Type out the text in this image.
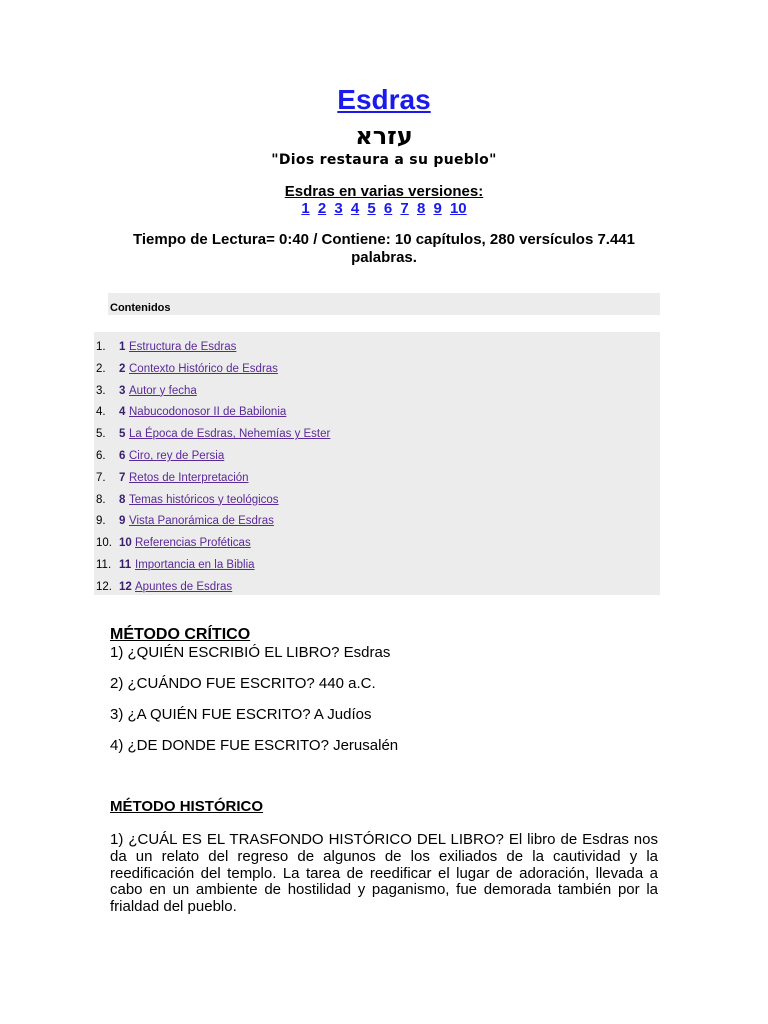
Esdras
עזרא
"Dios restaura a su pueblo"
Esdras en varias versiones:
1 2 3 4 5 6 7 8 9 10
Tiempo de Lectura= 0:40 / Contiene: 10 capítulos, 280 versículos 7.441 palabras.
Contenidos
1. 1 Estructura de Esdras
2. 2 Contexto Histórico de Esdras
3. 3 Autor y fecha
4. 4 Nabucodonosor II de Babilonia
5. 5 La Época de Esdras, Nehemías y Ester
6. 6 Ciro, rey de Persia
7. 7 Retos de Interpretación
8. 8 Temas históricos y teológicos
9. 9 Vista Panorámica de Esdras
10. 10 Referencias Proféticas
11. 11 Importancia en la Biblia
12. 12 Apuntes de Esdras
MÉTODO CRÍTICO
1) ¿QUIÉN ESCRIBIÓ EL LIBRO? Esdras
2) ¿CUÁNDO FUE ESCRITO? 440 a.C.
3) ¿A QUIÉN FUE ESCRITO? A Judíos
4) ¿DE DONDE FUE ESCRITO? Jerusalén
MÉTODO HISTÓRICO
1) ¿CUÁL ES EL TRASFONDO HISTÓRICO DEL LIBRO? El libro de Esdras nos da un relato del regreso de algunos de los exiliados de la cautividad y la reedificación del templo. La tarea de reedificar el lugar de adoración, llevada a cabo en un ambiente de hostilidad y paganismo, fue demorada también por la frialdad del pueblo.
